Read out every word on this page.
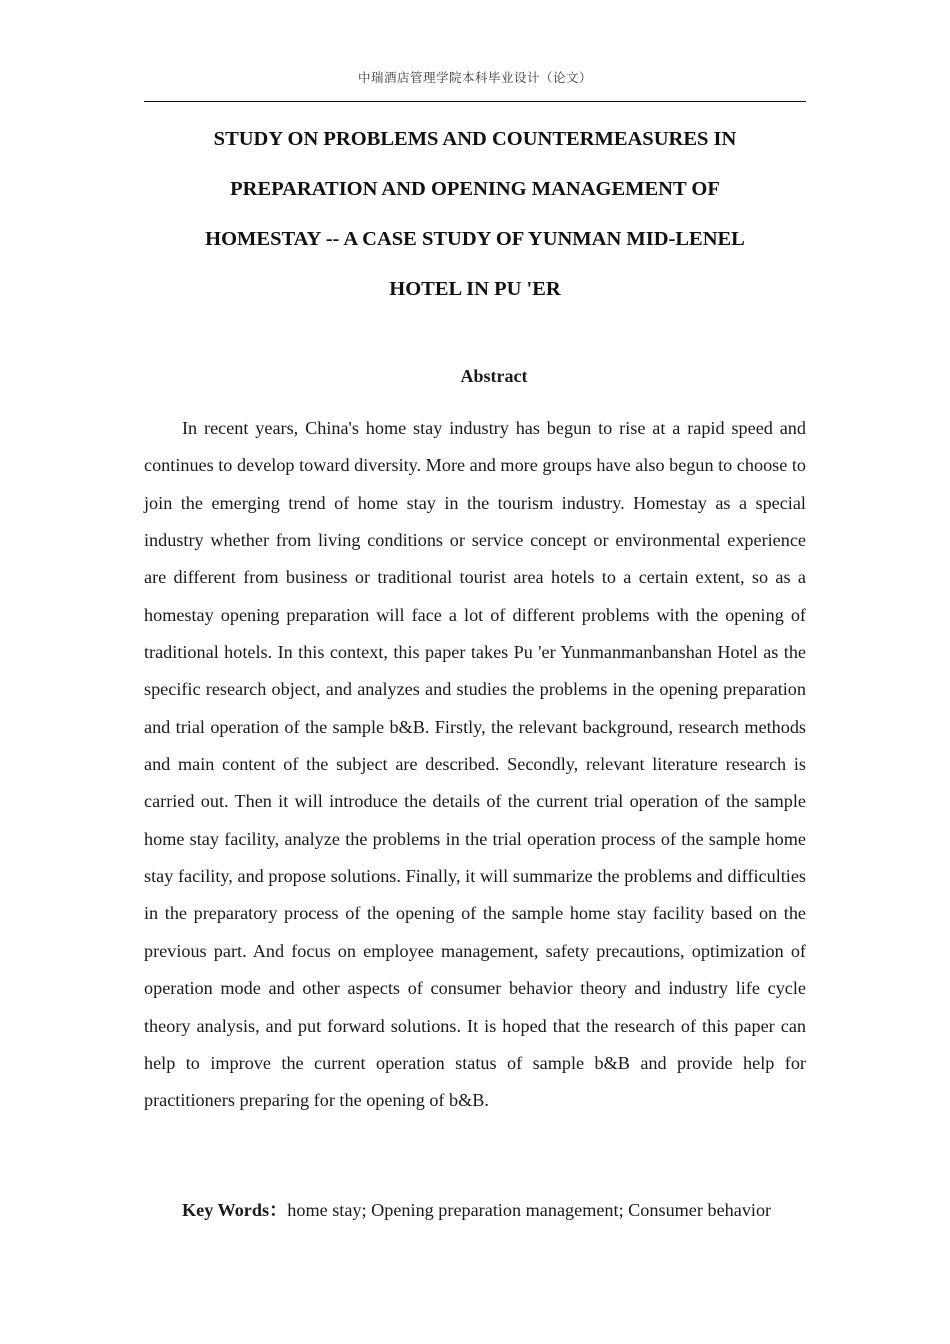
中瑞酒店管理学院本科毕业设计（论文）
STUDY ON PROBLEMS AND COUNTERMEASURES IN
PREPARATION AND OPENING MANAGEMENT OF
HOMESTAY -- A CASE STUDY OF YUNMAN MID-LENEL
HOTEL IN PU 'ER
Abstract

In recent years, China's home stay industry has begun to rise at a rapid speed and continues to develop toward diversity. More and more groups have also begun to choose to join the emerging trend of home stay in the tourism industry. Homestay as a special industry whether from living conditions or service concept or environmental experience are different from business or traditional tourist area hotels to a certain extent, so as a homestay opening preparation will face a lot of different problems with the opening of traditional hotels. In this context, this paper takes Pu 'er Yunmanmanbanshan Hotel as the specific research object, and analyzes and studies the problems in the opening preparation and trial operation of the sample b&B. Firstly, the relevant background, research methods and main content of the subject are described. Secondly, relevant literature research is carried out. Then it will introduce the details of the current trial operation of the sample home stay facility, analyze the problems in the trial operation process of the sample home stay facility, and propose solutions. Finally, it will summarize the problems and difficulties in the preparatory process of the opening of the sample home stay facility based on the previous part. And focus on employee management, safety precautions, optimization of operation mode and other aspects of consumer behavior theory and industry life cycle theory analysis, and put forward solutions. It is hoped that the research of this paper can help to improve the current operation status of sample b&B and provide help for practitioners preparing for the opening of b&B.

Key Words：home stay; Opening preparation management; Consumer behavior
